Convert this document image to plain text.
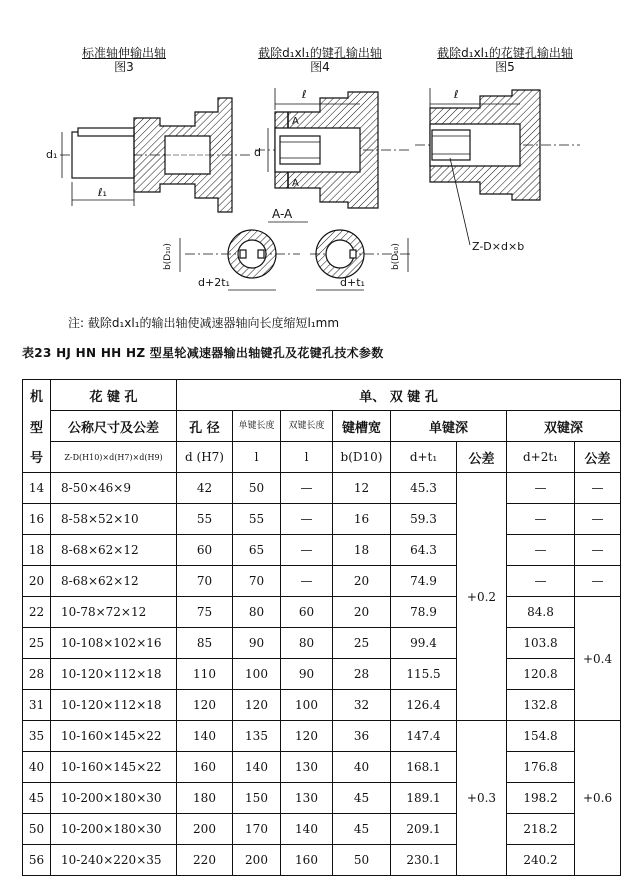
标准轴伸输出轴
图3
截除d₁xl₁的键孔输出轴
图4
截除d₁xl₁的花键孔输出轴
图5
d₁
ℓ₁
ℓ
d
A
A
ℓ
Z-D×d×b
A-A
b(D₁₀)
d+2t₁
b(D₁₀)
d+t₁
注: 截除d₁xl₁的输出轴使减速器轴向长度缩短l₁mm
表23 HJ HN HH HZ 型星轮减速器输出轴键孔及花键孔技术参数
机	花 键 孔	单、 双 键 孔							
型	公称尺寸及公差	孔 径	单键长度	双键长度	键槽宽	单键深		双键深	
号	Z-D(H10)×d(H7)×d(H9)	d (H7)	l	l	b(D10)	d+t₁	公差	d+2t₁	公差
14	8-50×46×9	42	50	—	12	45.3	+0.2	—	—
16	8-58×52×10	55	55	—	16	59.3		—	—
18	8-68×62×12	60	65	—	18	64.3		—	—
20	8-68×62×12	70	70	—	20	74.9		—	—
22	10-78×72×12	75	80	60	20	78.9		84.8	+0.4
25	10-108×102×16	85	90	80	25	99.4		103.8	
28	10-120×112×18	110	100	90	28	115.5		120.8	
31	10-120×112×18	120	120	100	32	126.4		132.8	
35	10-160×145×22	140	135	120	36	147.4	+0.3	154.8	+0.6
40	10-160×145×22	160	140	130	40	168.1		176.8	
45	10-200×180×30	180	150	130	45	189.1		198.2	
50	10-200×180×30	200	170	140	45	209.1		218.2	
56	10-240×220×35	220	200	160	50	230.1		240.2	
